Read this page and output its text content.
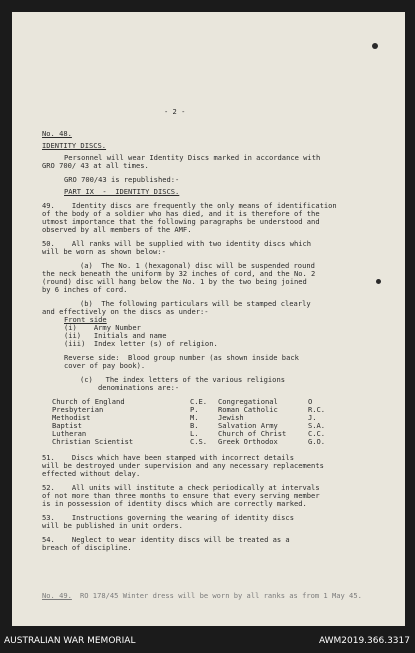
- 2 -
No. 48.
IDENTITY DISCS.
Personnel will wear Identity Discs marked in accordance with
GRO 700/ 43 at all times.
GRO 700/43 is republished:-
PART IX  -  IDENTITY DISCS.
49.    Identity discs are frequently the only means of identification
of the body of a soldier who has died, and it is therefore of the
utmost importance that the following paragraphs be understood and
observed by all members of the AMF.
50.    All ranks will be supplied with two identity discs which
will be worn as shown below:-
(a)  The No. 1 (hexagonal) disc will be suspended round
the neck beneath the uniform by 32 inches of cord, and the No. 2
(round) disc will hang below the No. 1 by the two being joined
by 6 inches of cord.
(b)  The following particulars will be stamped clearly
and effectively on the discs as under:-
Front side
(i)    Army Number
(ii)   Initials and name
(iii)  Index letter (s) of religion.
Reverse side:  Blood group number (as shown inside back
cover of pay book).
(c)   The index letters of the various religions
denominations are:-
Church of England	C.E. Congregational	O
Presbyterian	P.	Roman Catholic	R.C.
Methodist	M.	Jewish	J.
Baptist	B.	Salvation Army	S.A.
Lutheran	L.	Church of Christ	C.C.
Christian Scientist	C.S. Greek Orthodox	G.O.
51.    Discs which have been stamped with incorrect details
will be destroyed under supervision and any necessary replacements
effected without delay.
52.    All units will institute a check periodically at intervals
of not more than three months to ensure that every serving member
is in possession of identity discs which are correctly marked.
53.    Instructions governing the wearing of identity discs
will be published in unit orders.
54.    Neglect to wear identity discs will be treated as a
breach of discipline.
No. 49. RO 178/45 Winter dress will be worn by all ranks as from 1 May 45.
AUSTRALIAN WAR MEMORIAL	AWM2019.366.3317
